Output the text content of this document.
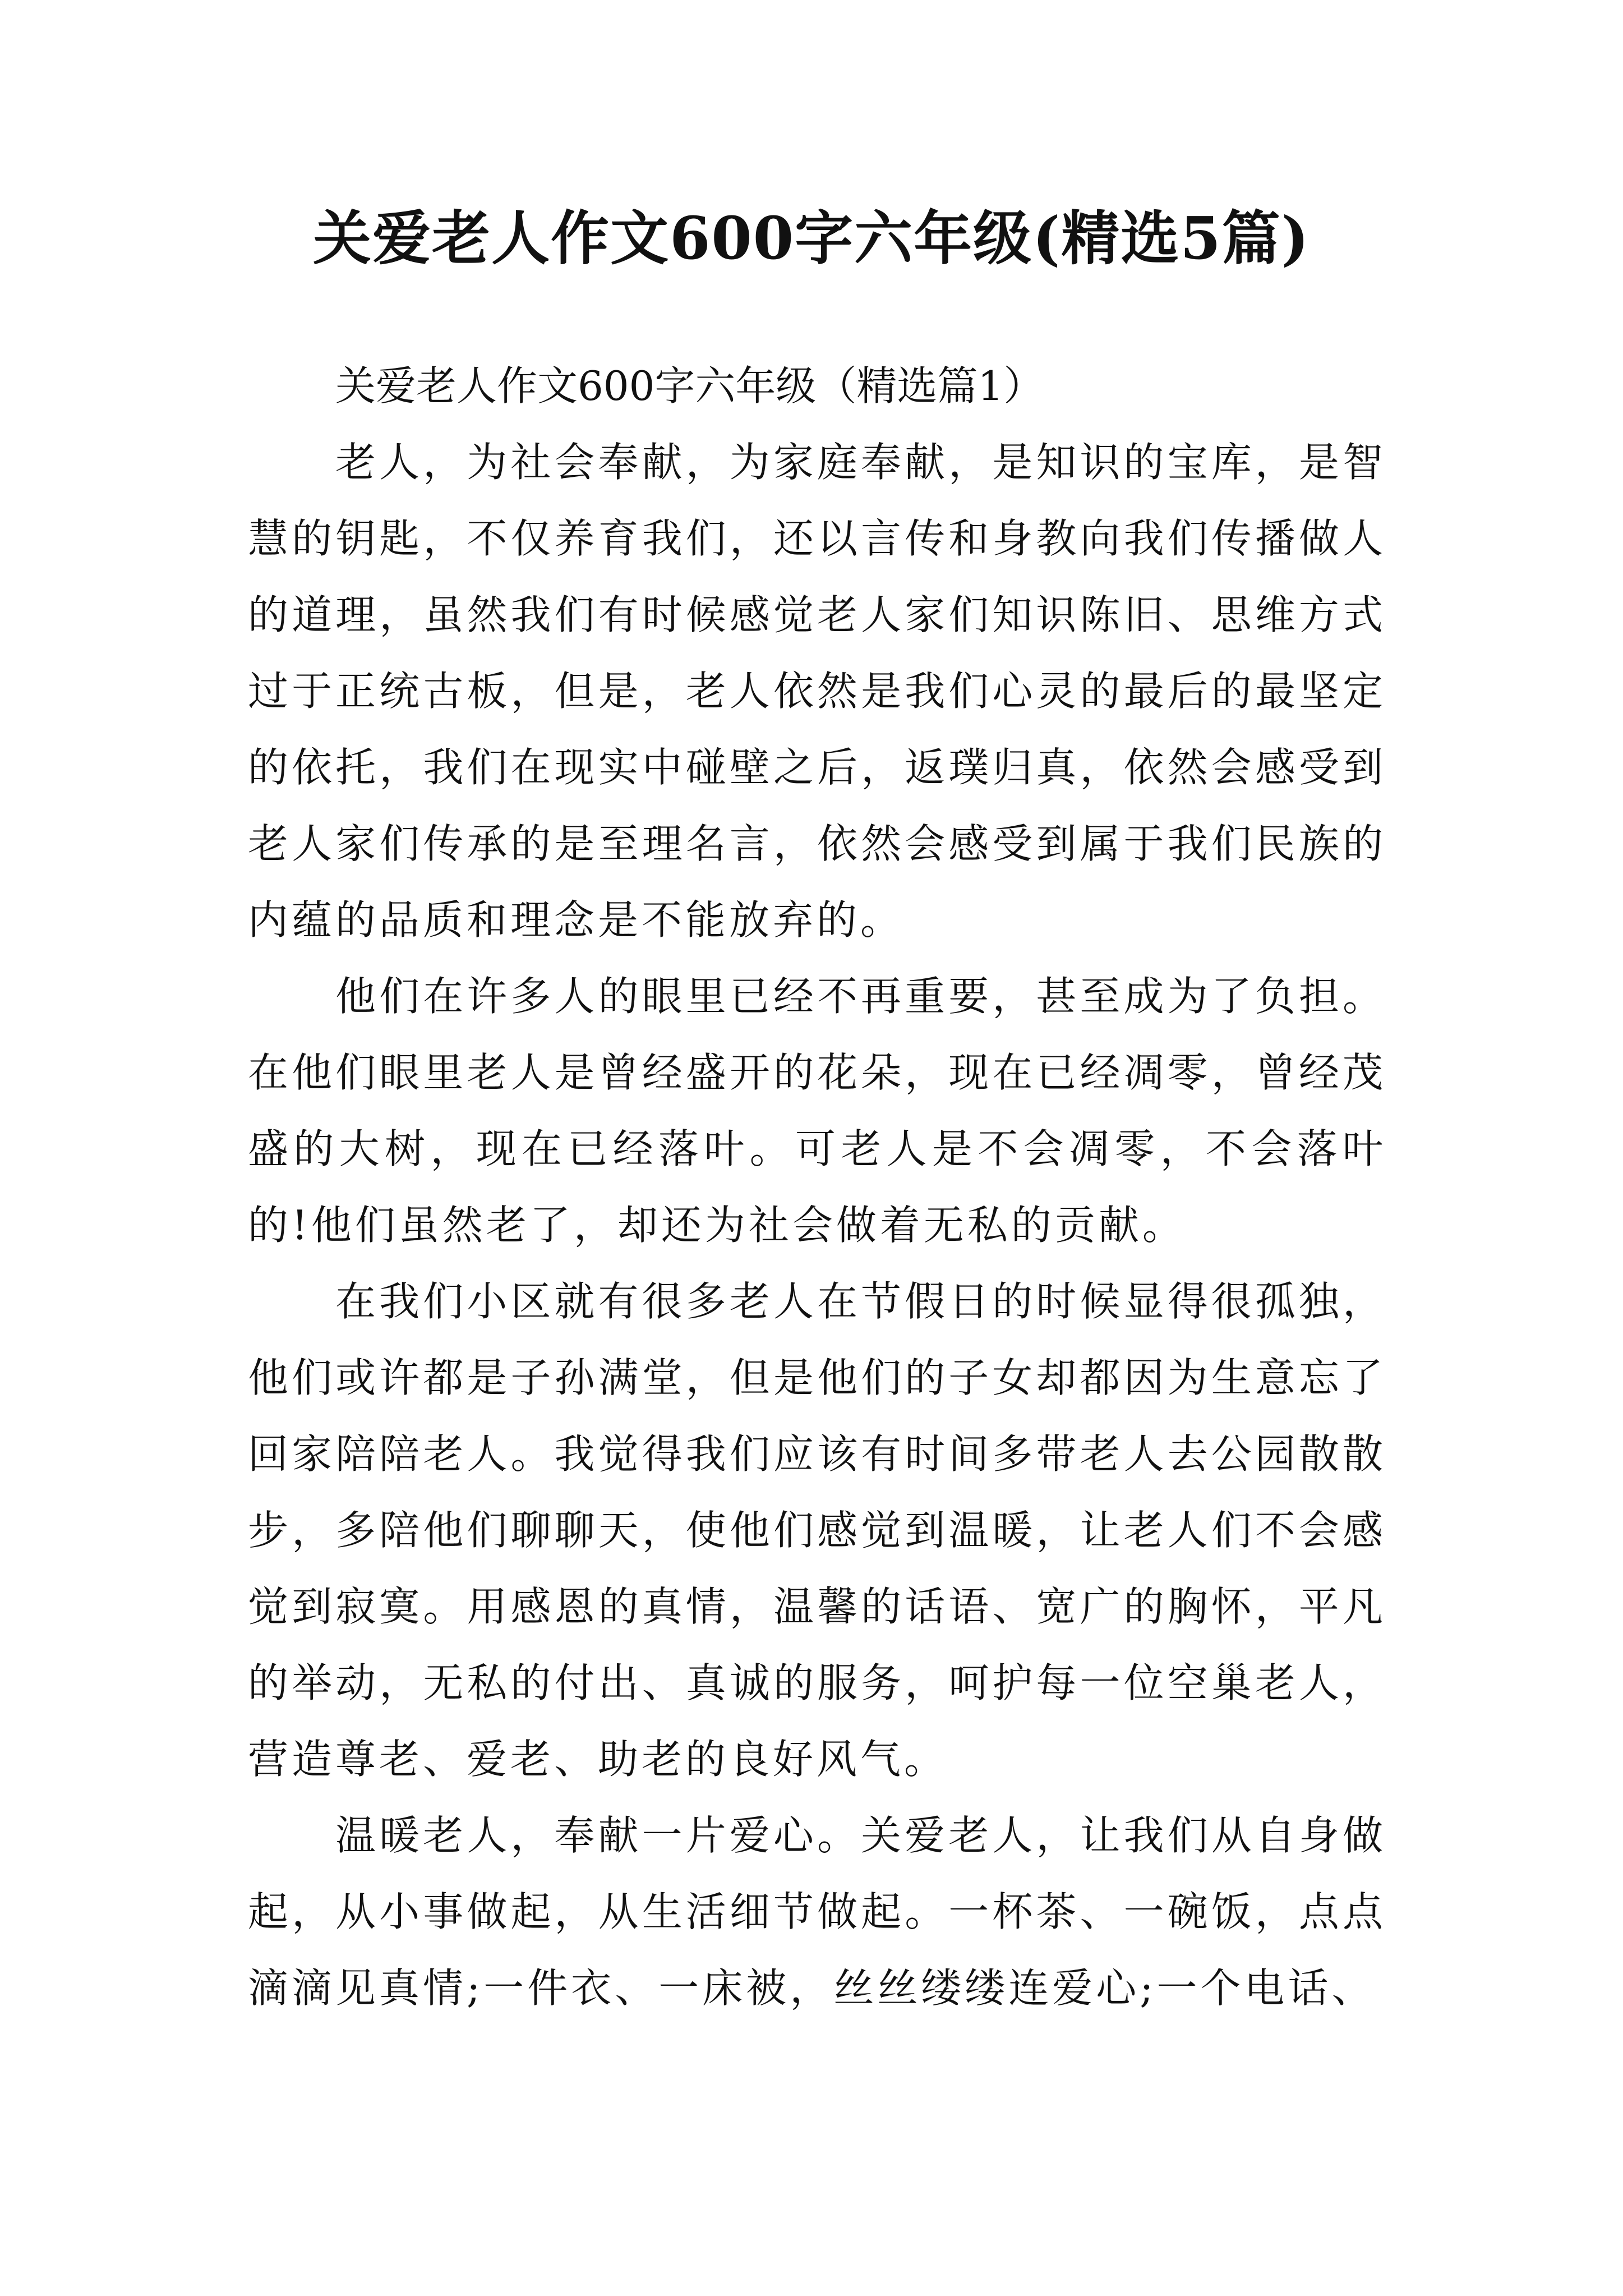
关爱老人作文600字六年级(精选5篇)

关爱老人作文600字六年级（精选篇1）

老人，为社会奉献，为家庭奉献，是知识的宝库，是智慧的钥匙，不仅养育我们，还以言传和身教向我们传播做人的道理，虽然我们有时候感觉老人家们知识陈旧、思维方式过于正统古板，但是，老人依然是我们心灵的最后的最坚定的依托，我们在现实中碰壁之后，返璞归真，依然会感受到老人家们传承的是至理名言，依然会感受到属于我们民族的内蕴的品质和理念是不能放弃的。

他们在许多人的眼里已经不再重要，甚至成为了负担。在他们眼里老人是曾经盛开的花朵，现在已经凋零，曾经茂盛的大树，现在已经落叶。可老人是不会凋零，不会落叶的!他们虽然老了，却还为社会做着无私的贡献。

在我们小区就有很多老人在节假日的时候显得很孤独，他们或许都是子孙满堂，但是他们的子女却都因为生意忘了回家陪陪老人。我觉得我们应该有时间多带老人去公园散散步，多陪他们聊聊天，使他们感觉到温暖，让老人们不会感觉到寂寞。用感恩的真情，温馨的话语、宽广的胸怀，平凡的举动，无私的付出、真诚的服务，呵护每一位空巢老人，营造尊老、爱老、助老的良好风气。

温暖老人，奉献一片爱心。关爱老人，让我们从自身做起，从小事做起，从生活细节做起。一杯茶、一碗饭，点点滴滴见真情;一件衣、一床被，丝丝缕缕连爱心;一个电话、
